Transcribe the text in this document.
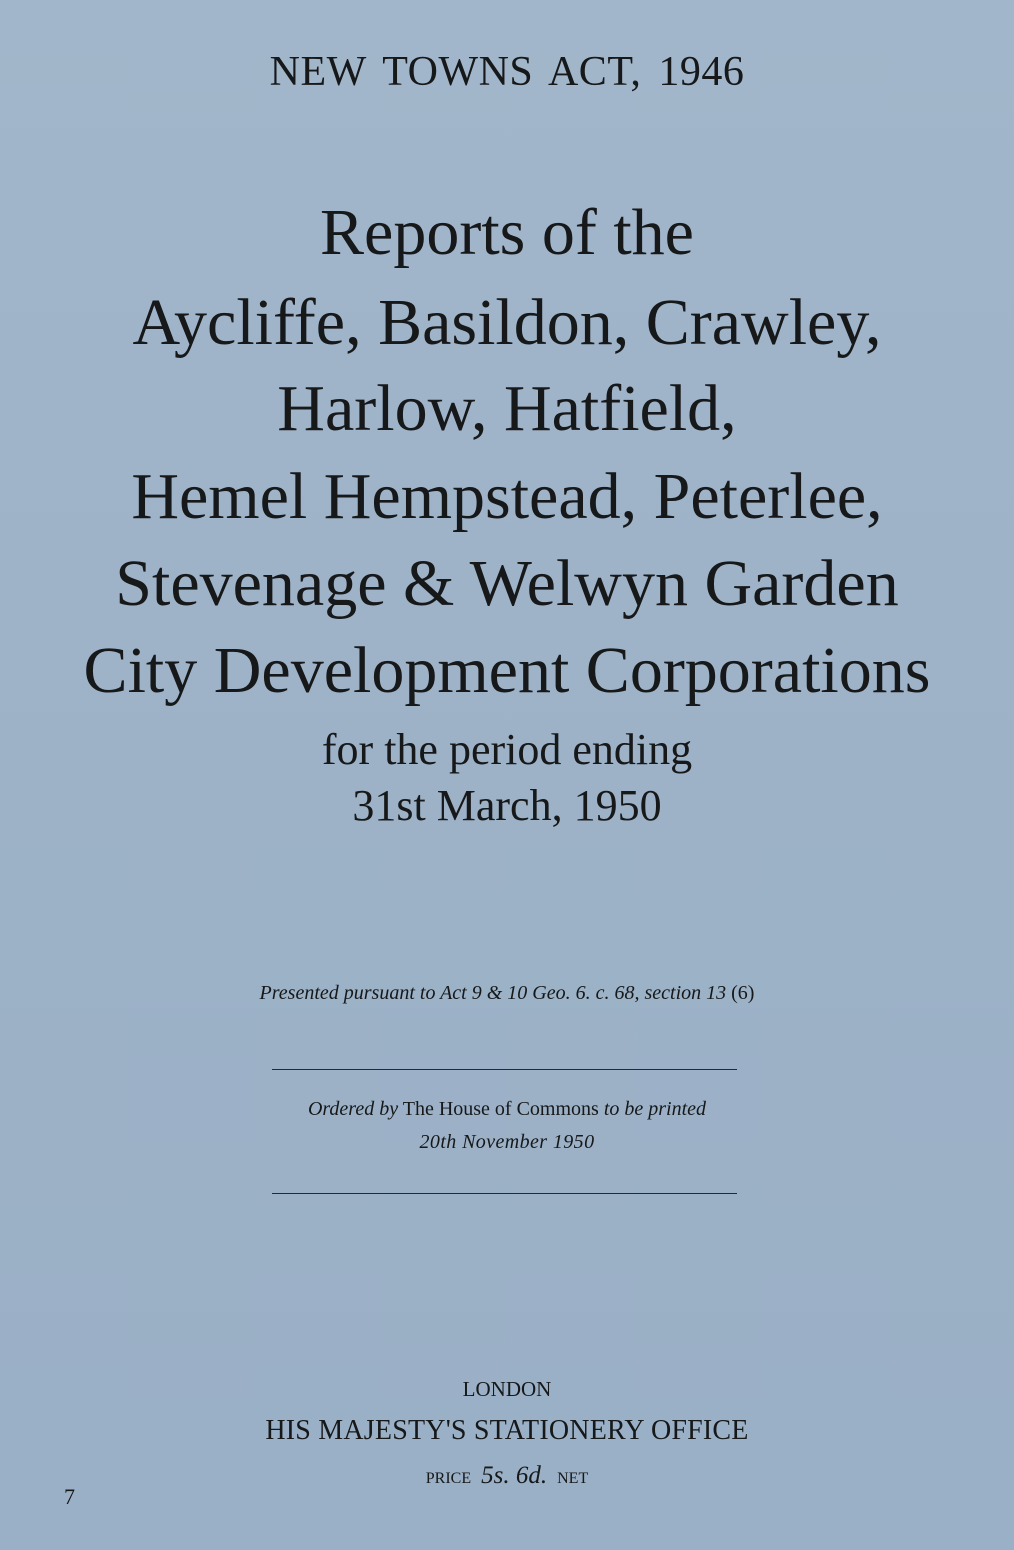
NEW TOWNS ACT, 1946
Reports of the
Aycliffe, Basildon, Crawley,
Harlow, Hatfield,
Hemel Hempstead, Peterlee,
Stevenage & Welwyn Garden
City Development Corporations
for the period ending
31st March, 1950
Presented pursuant to Act 9 & 10 Geo. 6. c. 68, section 13 (6)
Ordered by The House of Commons to be printed
20th November 1950
LONDON
HIS MAJESTY'S STATIONERY OFFICE
PRICE 5s. 6d. NET
7
